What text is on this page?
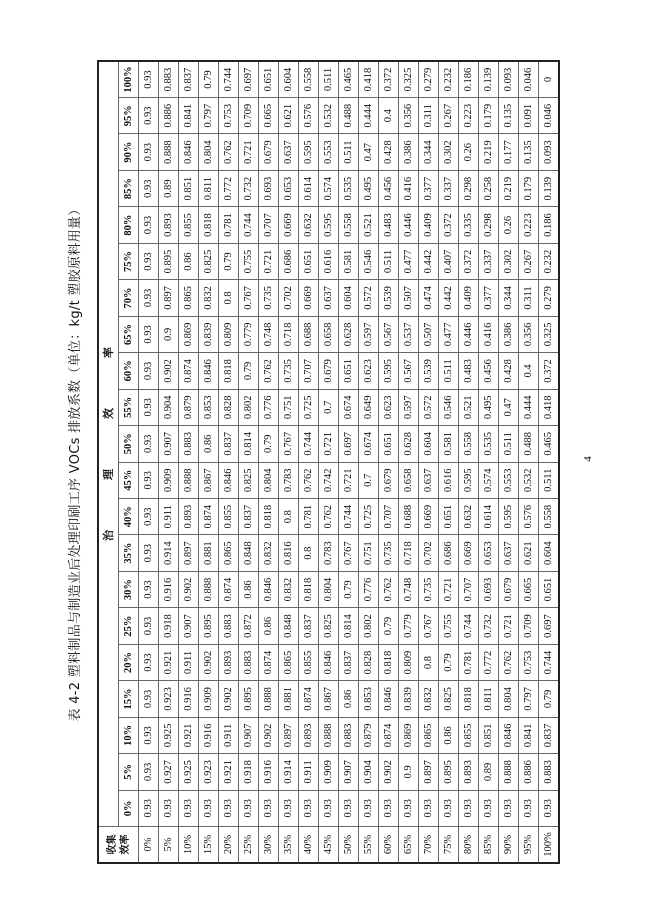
表 4-2 塑料制品与制造业后处理印刷工序 VOCs 排放系数（单位：kg/t 塑胶原料用量）
收集 效率	治理效率																				
	0%	5%	10%	15%	20%	25%	30%	35%	40%	45%	50%	55%	60%	65%	70%	75%	80%	85%	90%	95%	100%
0%	0.93	0.93	0.93	0.93	0.93	0.93	0.93	0.93	0.93	0.93	0.93	0.93	0.93	0.93	0.93	0.93	0.93	0.93	0.93	0.93	0.93
5%	0.93	0.927	0.925	0.923	0.921	0.918	0.916	0.914	0.911	0.909	0.907	0.904	0.902	0.9	0.897	0.895	0.893	0.89	0.888	0.886	0.883
10%	0.93	0.925	0.921	0.916	0.911	0.907	0.902	0.897	0.893	0.888	0.883	0.879	0.874	0.869	0.865	0.86	0.855	0.851	0.846	0.841	0.837
15%	0.93	0.923	0.916	0.909	0.902	0.895	0.888	0.881	0.874	0.867	0.86	0.853	0.846	0.839	0.832	0.825	0.818	0.811	0.804	0.797	0.79
20%	0.93	0.921	0.911	0.902	0.893	0.883	0.874	0.865	0.855	0.846	0.837	0.828	0.818	0.809	0.8	0.79	0.781	0.772	0.762	0.753	0.744
25%	0.93	0.918	0.907	0.895	0.883	0.872	0.86	0.848	0.837	0.825	0.814	0.802	0.79	0.779	0.767	0.755	0.744	0.732	0.721	0.709	0.697
30%	0.93	0.916	0.902	0.888	0.874	0.86	0.846	0.832	0.818	0.804	0.79	0.776	0.762	0.748	0.735	0.721	0.707	0.693	0.679	0.665	0.651
35%	0.93	0.914	0.897	0.881	0.865	0.848	0.832	0.816	0.8	0.783	0.767	0.751	0.735	0.718	0.702	0.686	0.669	0.653	0.637	0.621	0.604
40%	0.93	0.911	0.893	0.874	0.855	0.837	0.818	0.8	0.781	0.762	0.744	0.725	0.707	0.688	0.669	0.651	0.632	0.614	0.595	0.576	0.558
45%	0.93	0.909	0.888	0.867	0.846	0.825	0.804	0.783	0.762	0.742	0.721	0.7	0.679	0.658	0.637	0.616	0.595	0.574	0.553	0.532	0.511
50%	0.93	0.907	0.883	0.86	0.837	0.814	0.79	0.767	0.744	0.721	0.697	0.674	0.651	0.628	0.604	0.581	0.558	0.535	0.511	0.488	0.465
55%	0.93	0.904	0.879	0.853	0.828	0.802	0.776	0.751	0.725	0.7	0.674	0.649	0.623	0.597	0.572	0.546	0.521	0.495	0.47	0.444	0.418
60%	0.93	0.902	0.874	0.846	0.818	0.79	0.762	0.735	0.707	0.679	0.651	0.623	0.595	0.567	0.539	0.511	0.483	0.456	0.428	0.4	0.372
65%	0.93	0.9	0.869	0.839	0.809	0.779	0.748	0.718	0.688	0.658	0.628	0.597	0.567	0.537	0.507	0.477	0.446	0.416	0.386	0.356	0.325
70%	0.93	0.897	0.865	0.832	0.8	0.767	0.735	0.702	0.669	0.637	0.604	0.572	0.539	0.507	0.474	0.442	0.409	0.377	0.344	0.311	0.279
75%	0.93	0.895	0.86	0.825	0.79	0.755	0.721	0.686	0.651	0.616	0.581	0.546	0.511	0.477	0.442	0.407	0.372	0.337	0.302	0.267	0.232
80%	0.93	0.893	0.855	0.818	0.781	0.744	0.707	0.669	0.632	0.595	0.558	0.521	0.483	0.446	0.409	0.372	0.335	0.298	0.26	0.223	0.186
85%	0.93	0.89	0.851	0.811	0.772	0.732	0.693	0.653	0.614	0.574	0.535	0.495	0.456	0.416	0.377	0.337	0.298	0.258	0.219	0.179	0.139
90%	0.93	0.888	0.846	0.804	0.762	0.721	0.679	0.637	0.595	0.553	0.511	0.47	0.428	0.386	0.344	0.302	0.26	0.219	0.177	0.135	0.093
95%	0.93	0.886	0.841	0.797	0.753	0.709	0.665	0.621	0.576	0.532	0.488	0.444	0.4	0.356	0.311	0.267	0.223	0.179	0.135	0.091	0.046
100%	0.93	0.883	0.837	0.79	0.744	0.697	0.651	0.604	0.558	0.511	0.465	0.418	0.372	0.325	0.279	0.232	0.186	0.139	0.093	0.046	0
4
